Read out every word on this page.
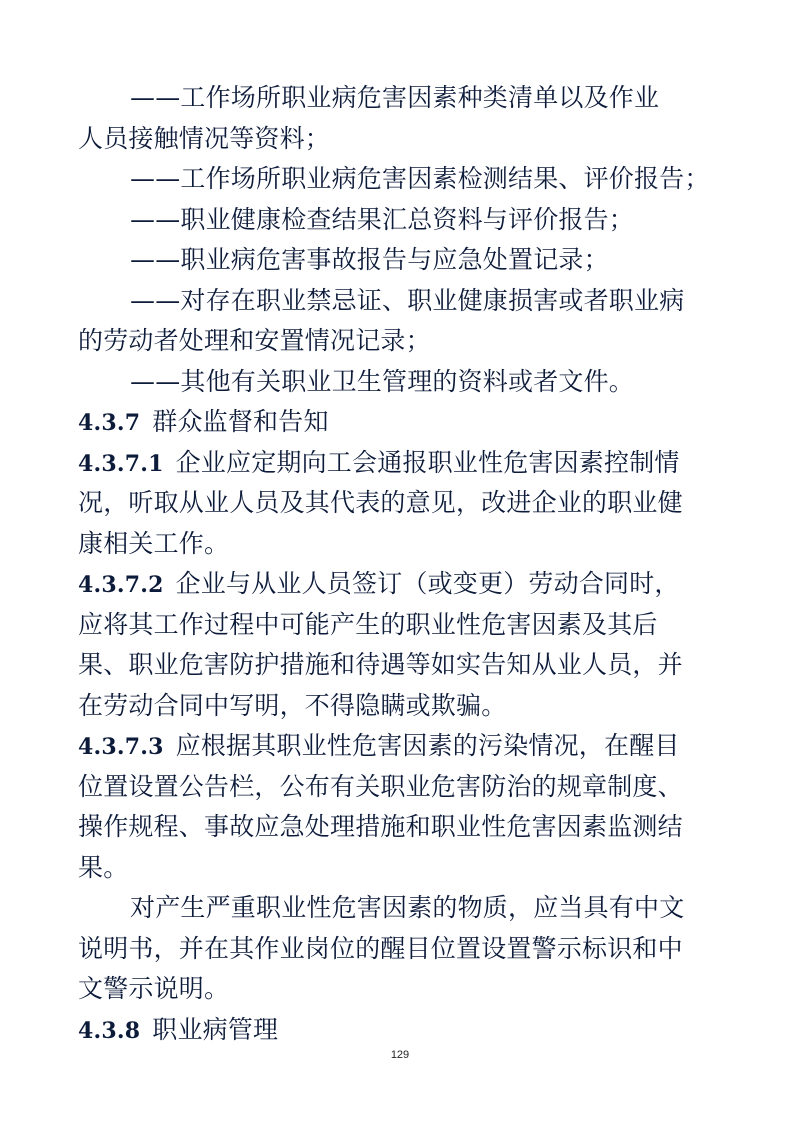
——工作场所职业病危害因素种类清单以及作业
人员接触情况等资料；
——工作场所职业病危害因素检测结果、评价报告；
——职业健康检查结果汇总资料与评价报告；
——职业病危害事故报告与应急处置记录；
——对存在职业禁忌证、职业健康损害或者职业病
的劳动者处理和安置情况记录；
——其他有关职业卫生管理的资料或者文件。
4.3.7 群众监督和告知
4.3.7.1 企业应定期向工会通报职业性危害因素控制情
况，听取从业人员及其代表的意见，改进企业的职业健
康相关工作。
4.3.7.2 企业与从业人员签订（或变更）劳动合同时，
应将其工作过程中可能产生的职业性危害因素及其后
果、职业危害防护措施和待遇等如实告知从业人员，并
在劳动合同中写明，不得隐瞒或欺骗。
4.3.7.3 应根据其职业性危害因素的污染情况，在醒目
位置设置公告栏，公布有关职业危害防治的规章制度、
操作规程、事故应急处理措施和职业性危害因素监测结
果。
对产生严重职业性危害因素的物质，应当具有中文
说明书，并在其作业岗位的醒目位置设置警示标识和中
文警示说明。
4.3.8 职业病管理
129
